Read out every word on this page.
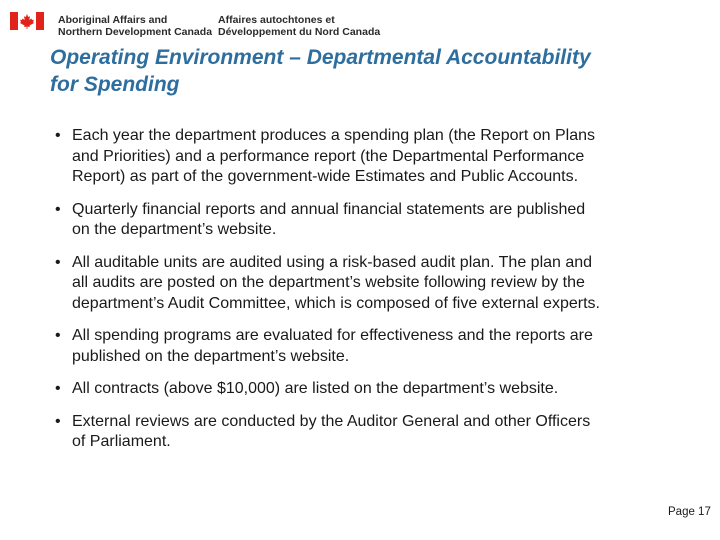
Aboriginal Affairs and
Northern Development Canada
Affaires autochtones et
Développement du Nord Canada
Operating Environment – Departmental Accountability
for Spending
• Each year the department produces a spending plan (the Report on Plans
and Priorities) and a performance report (the Departmental Performance
Report) as part of the government-wide Estimates and Public Accounts.
• Quarterly financial reports and annual financial statements are published
on the department’s website.
• All auditable units are audited using a risk-based audit plan. The plan and
all audits are posted on the department’s website following review by the
department’s Audit Committee, which is composed of five external experts.
• All spending programs are evaluated for effectiveness and the reports are
published on the department’s website.
• All contracts (above $10,000) are listed on the department’s website.
• External reviews are conducted by the Auditor General and other Officers
of Parliament.
Page 17
